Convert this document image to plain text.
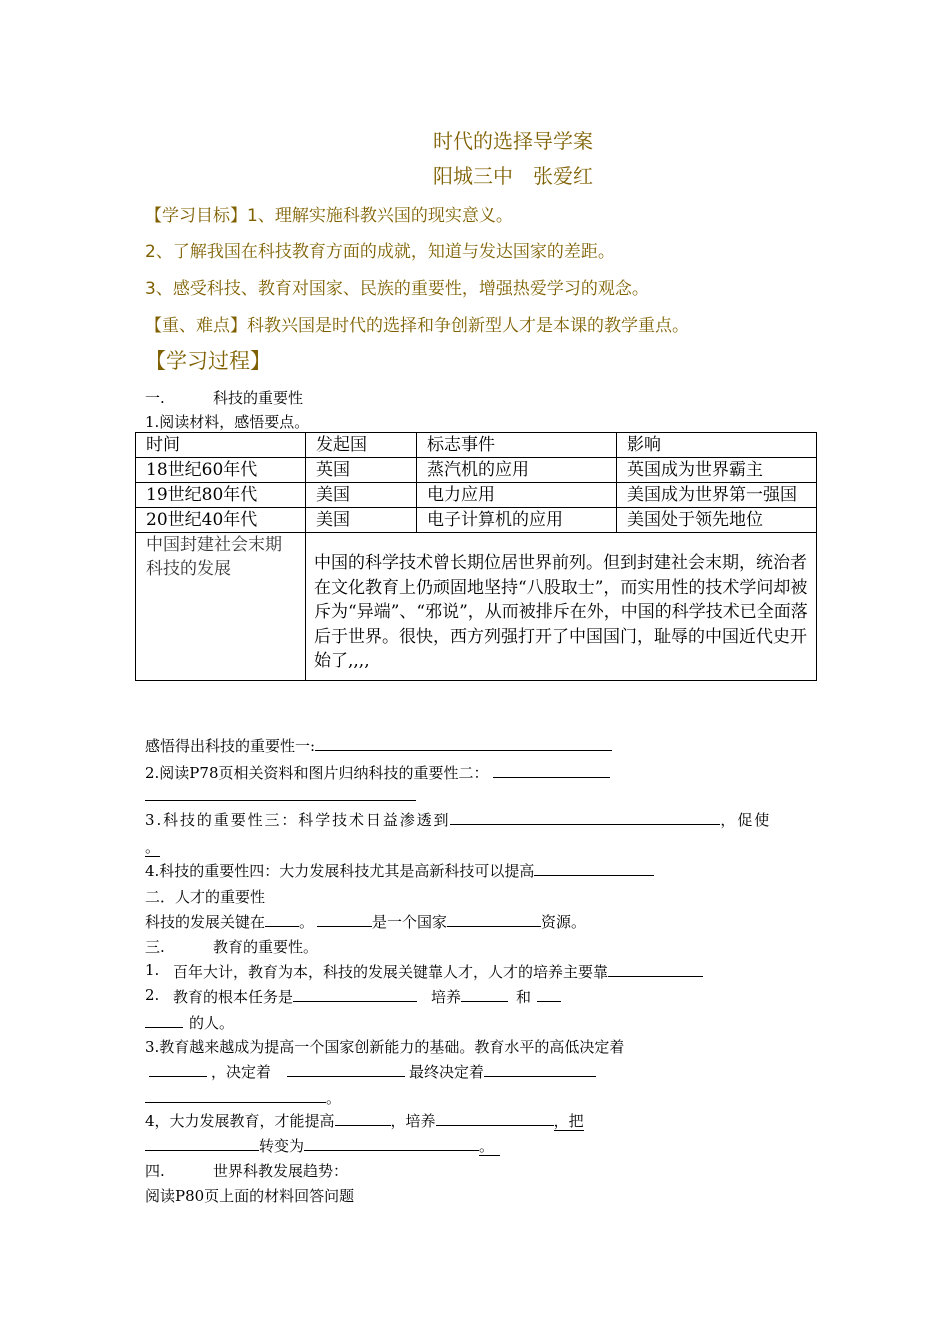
时代的选择导学案
阳城三中　张爱红
【学习目标】1、理解实施科教兴国的现实意义。
2、了解我国在科技教育方面的成就，知道与发达国家的差距。
3、感受科技、教育对国家、民族的重要性，增强热爱学习的观念。
【重、难点】科教兴国是时代的选择和争创新型人才是本课的教学重点。
【学习过程】
一.	科技的重要性
1.阅读材料，感悟要点。
时间	发起国	标志事件	影响
18世纪60年代	英国	蒸汽机的应用	英国成为世界霸主
19世纪80年代	美国	电力应用	美国成为世界第一强国
20世纪40年代	美国	电子计算机的应用	美国处于领先地位
中国封建社会末期科技的发展	中国的科学技术曾长期位居世界前列。但到封建社会末期，统治者在文化教育上仍顽固地坚持“八股取士”，而实用性的技术学问却被斥为“异端”、“邪说”，从而被排斥在外，中国的科学技术已全面落后于世界。很快，西方列强打开了中国国门，耻辱的中国近代史开始了,,,,		
感悟得出科技的重要性一:
2.阅读P78页相关资料和图片归纳科技的重要性二：
3.科技的重要性三：科学技术日益渗透到	，促使
。
4.科技的重要性四：大力发展科技尤其是高新科技可以提高
二．人才的重要性
科技的发展关键在 。	是一个国家	资源。
三.	教育的重要性。
1. 百年大计，教育为本，科技的发展关键靠人才，人才的培养主要靠
2. 教育的根本任务是	培养	和
的人。
3.教育越来越成为提高一个国家创新能力的基础。教育水平的高低决定着
，决定着	最终决定着
。
4，大力发展教育，才能提高	，培养	，把
转变为	。
四.	世界科教发展趋势：
阅读P80页上面的材料回答问题
